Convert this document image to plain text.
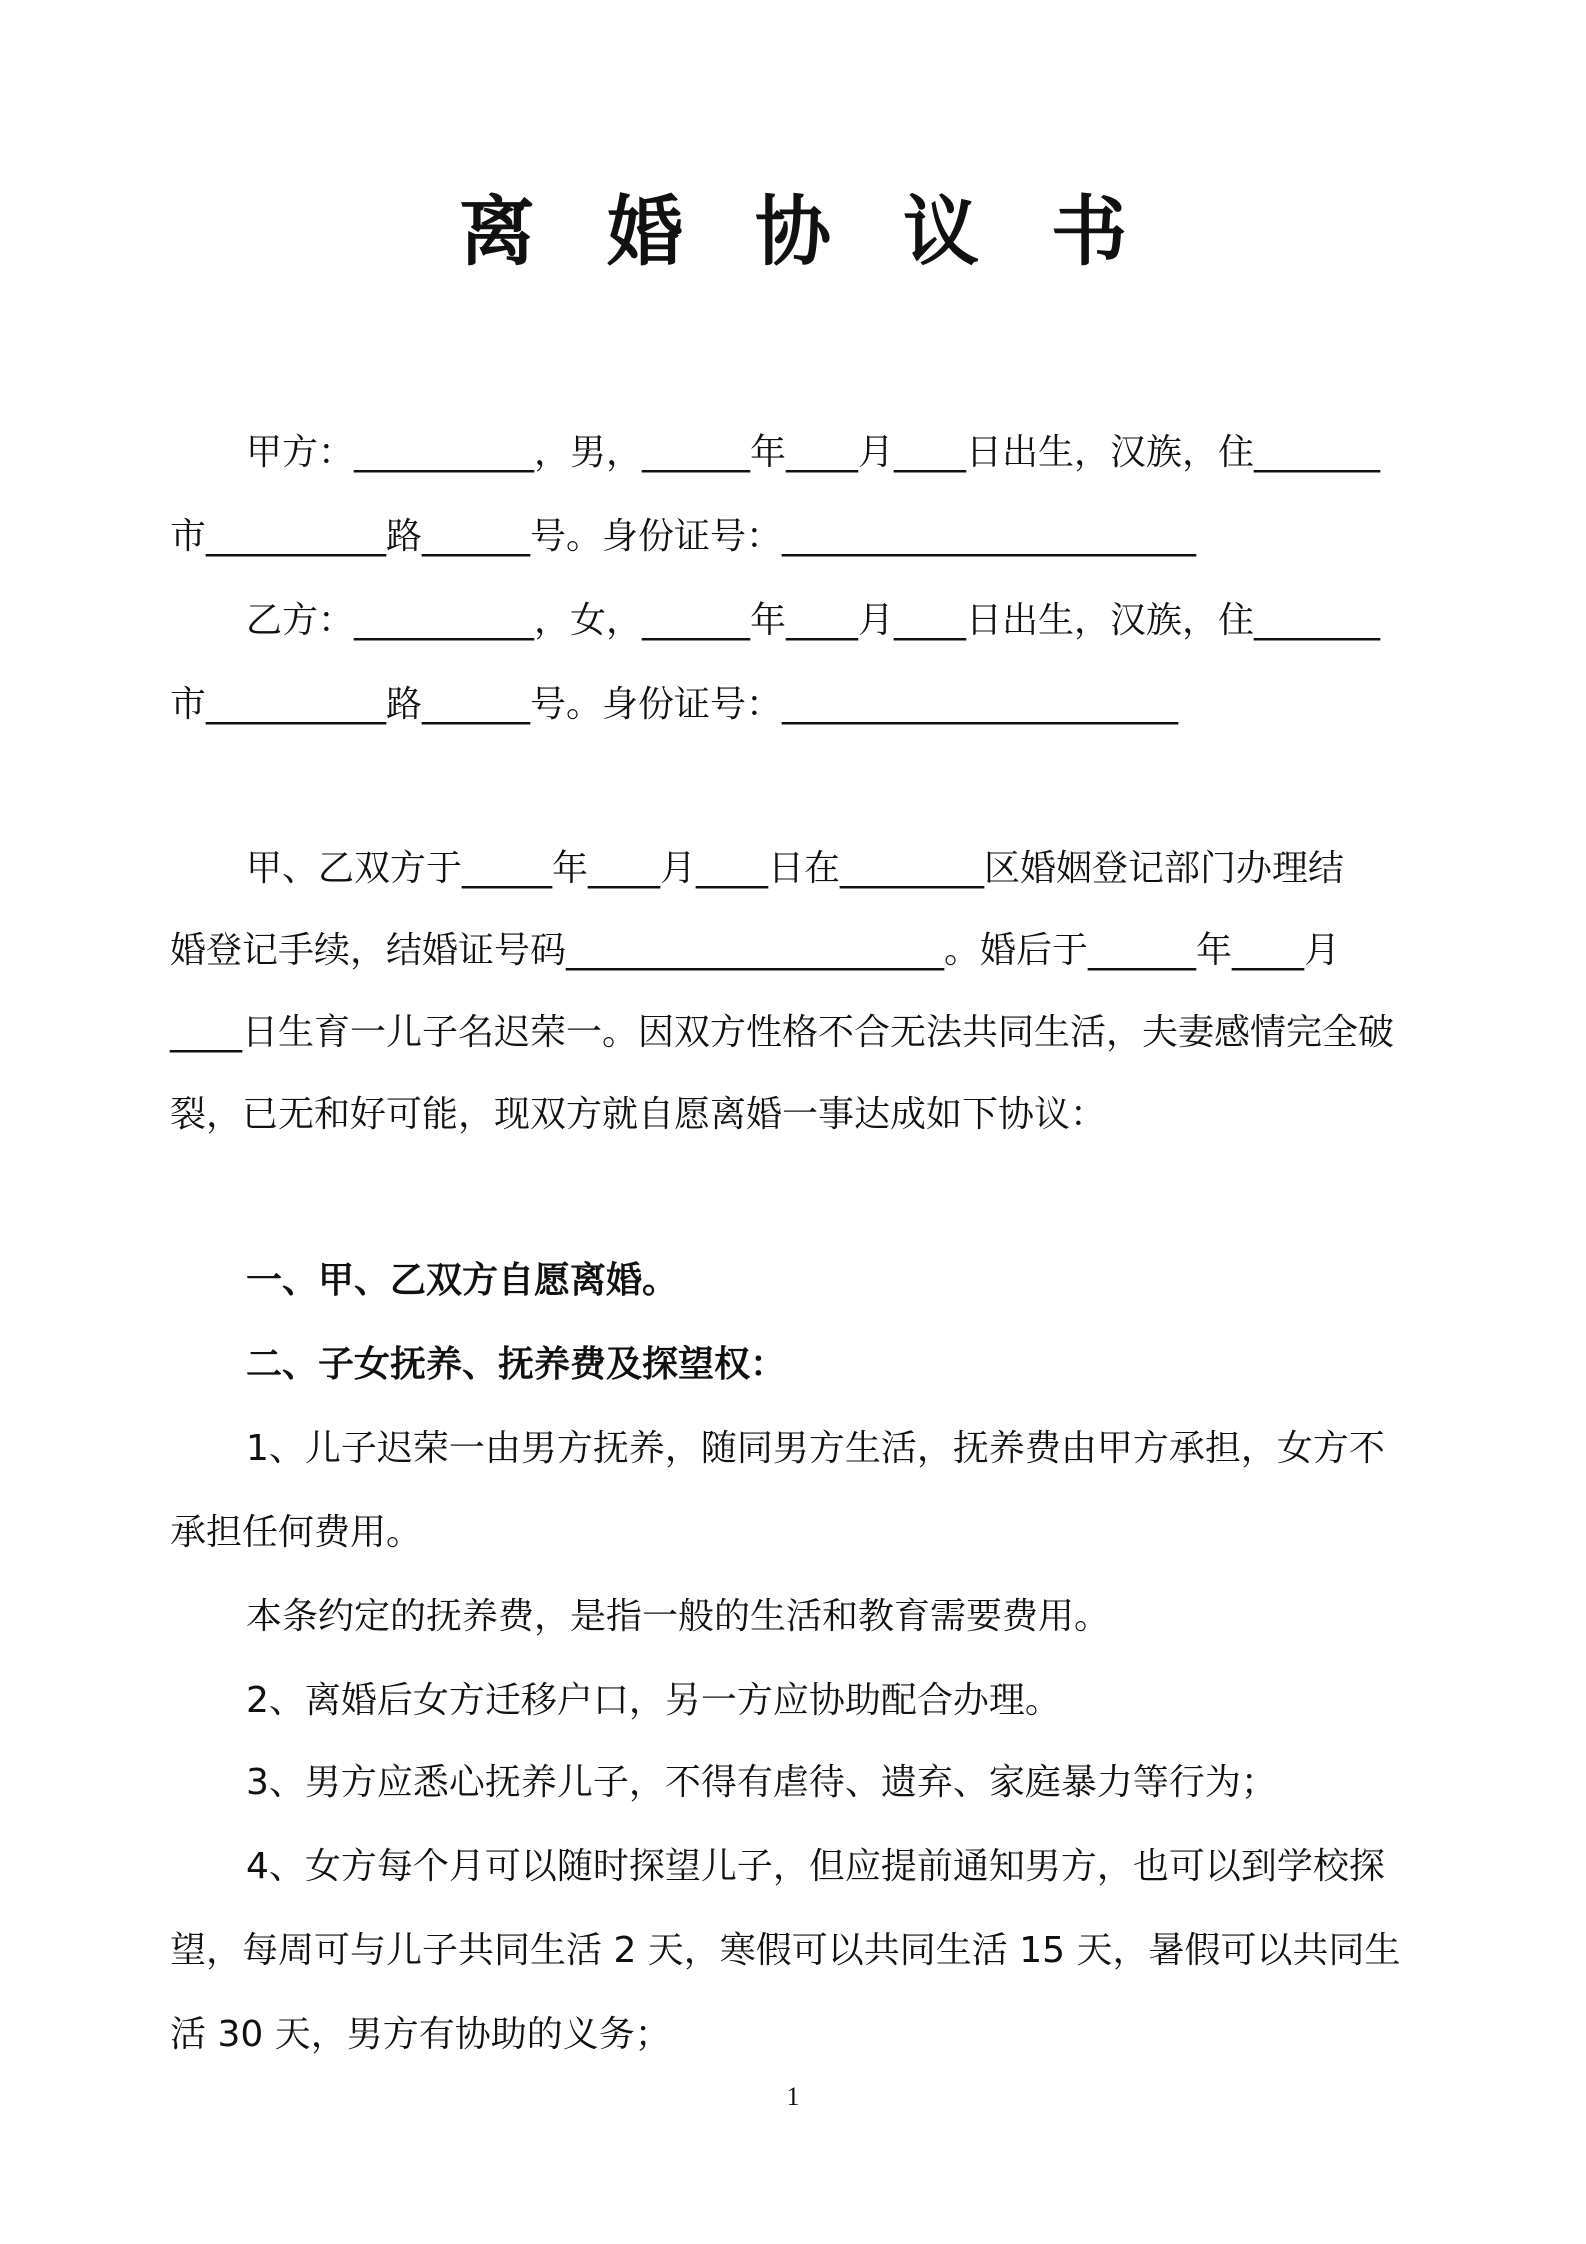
离婚协议书
甲方：__________，男，______年____月____日出生，汉族，住_______
市__________路______号。身份证号：_______________________
乙方：__________，女，______年____月____日出生，汉族，住_______
市__________路______号。身份证号：______________________
甲、乙双方于_____年____月____日在________区婚姻登记部门办理结
婚登记手续，结婚证号码_____________________。婚后于______年____月
____日生育一儿子名迟荣一。因双方性格不合无法共同生活，夫妻感情完全破
裂，已无和好可能，现双方就自愿离婚一事达成如下协议：
一、甲、乙双方自愿离婚。
二、子女抚养、抚养费及探望权：
1、儿子迟荣一由男方抚养，随同男方生活，抚养费由甲方承担，女方不
承担任何费用。
本条约定的抚养费，是指一般的生活和教育需要费用。
2、离婚后女方迁移户口，另一方应协助配合办理。
3、男方应悉心抚养儿子，不得有虐待、遗弃、家庭暴力等行为；
4、女方每个月可以随时探望儿子，但应提前通知男方，也可以到学校探
望，每周可与儿子共同生活 2 天，寒假可以共同生活 15 天，暑假可以共同生
活 30 天，男方有协助的义务；
1
